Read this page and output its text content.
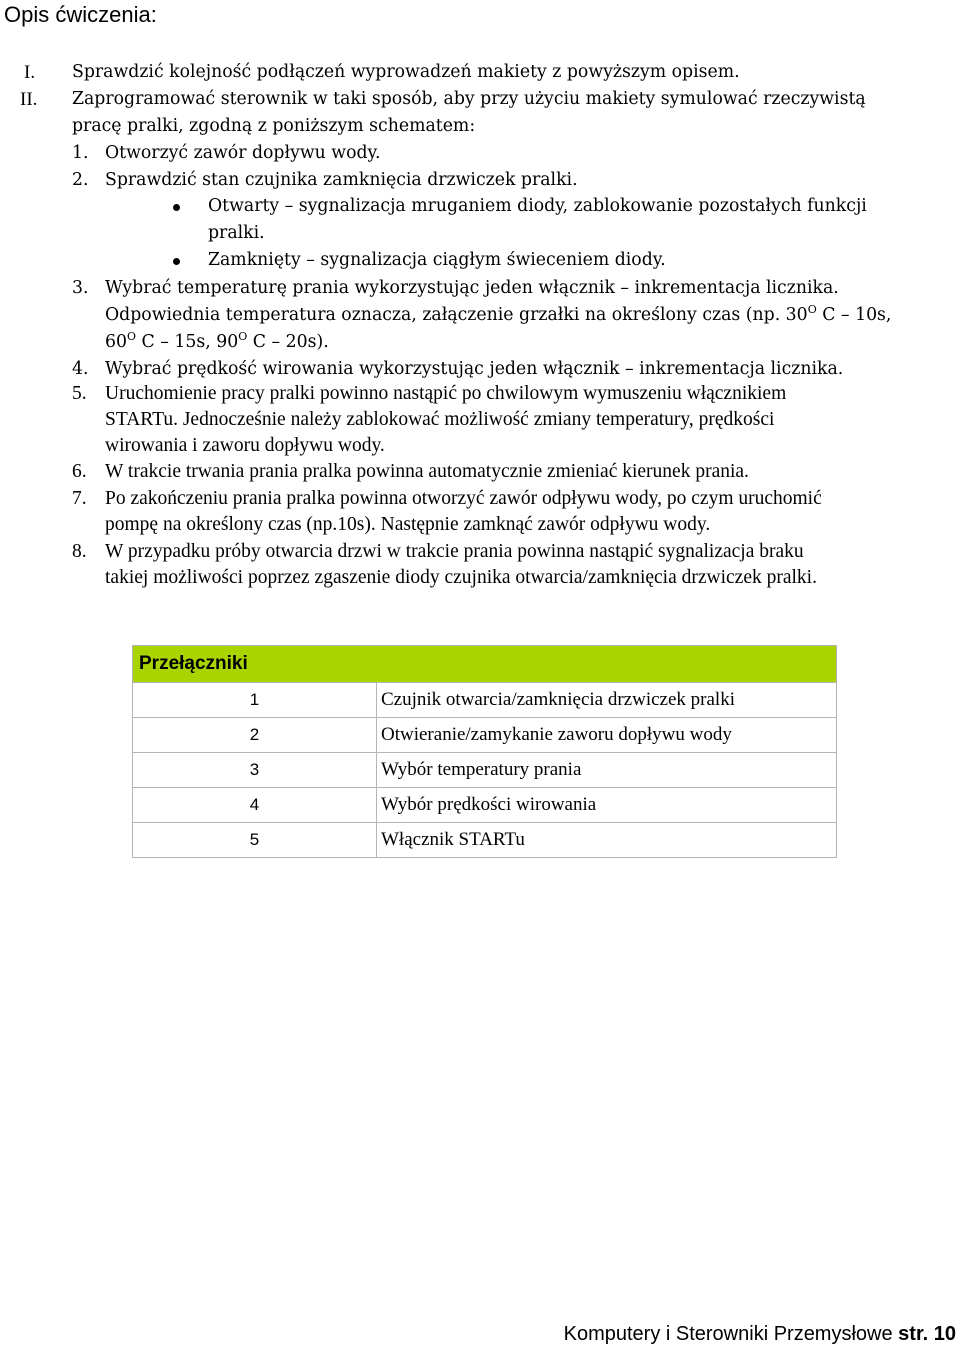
Opis ćwiczenia:
I. Sprawdzić kolejność podłączeń wyprowadzeń makiety z powyższym opisem.
II. Zaprogramować sterownik w taki sposób, aby przy użyciu makiety symulować rzeczywistą
pracę pralki, zgodną z poniższym schematem:
1. Otworzyć zawór dopływu wody.
2. Sprawdzić stan czujnika zamknięcia drzwiczek pralki.
Otwarty – sygnalizacja mruganiem diody, zablokowanie pozostałych funkcji
pralki.
Zamknięty – sygnalizacja ciągłym świeceniem diody.
3. Wybrać temperaturę prania wykorzystując jeden włącznik – inkrementacja licznika.
Odpowiednia temperatura oznacza, załączenie grzałki na określony czas (np. $30^O$ C – 10s,
$60^O$ C – 15s, $90^O$ C – 20s).
4. Wybrać prędkość wirowania wykorzystując jeden włącznik – inkrementacja licznika.
5. Uruchomienie pracy pralki powinno nastąpić po chwilowym wymuszeniu włącznikiem
STARTu. Jednocześnie należy zablokować możliwość zmiany temperatury, prędkości
wirowania i zaworu dopływu wody.
6. W trakcie trwania prania pralka powinna automatycznie zmieniać kierunek prania.
7. Po zakończeniu prania pralka powinna otworzyć zawór odpływu wody, po czym uruchomić
pompę na określony czas (np.10s). Następnie zamknąć zawór odpływu wody.
8. W przypadku próby otwarcia drzwi w trakcie prania powinna nastąpić sygnalizacja braku
takiej możliwości poprzez zgaszenie diody czujnika otwarcia/zamknięcia drzwiczek pralki.
Przełączniki	
1	Czujnik otwarcia/zamknięcia drzwiczek pralki
2	Otwieranie/zamykanie zaworu dopływu wody
3	Wybór temperatury prania
4	Wybór prędkości wirowania
5	Włącznik STARTu
Komputery i Sterowniki Przemysłowe str. 10
